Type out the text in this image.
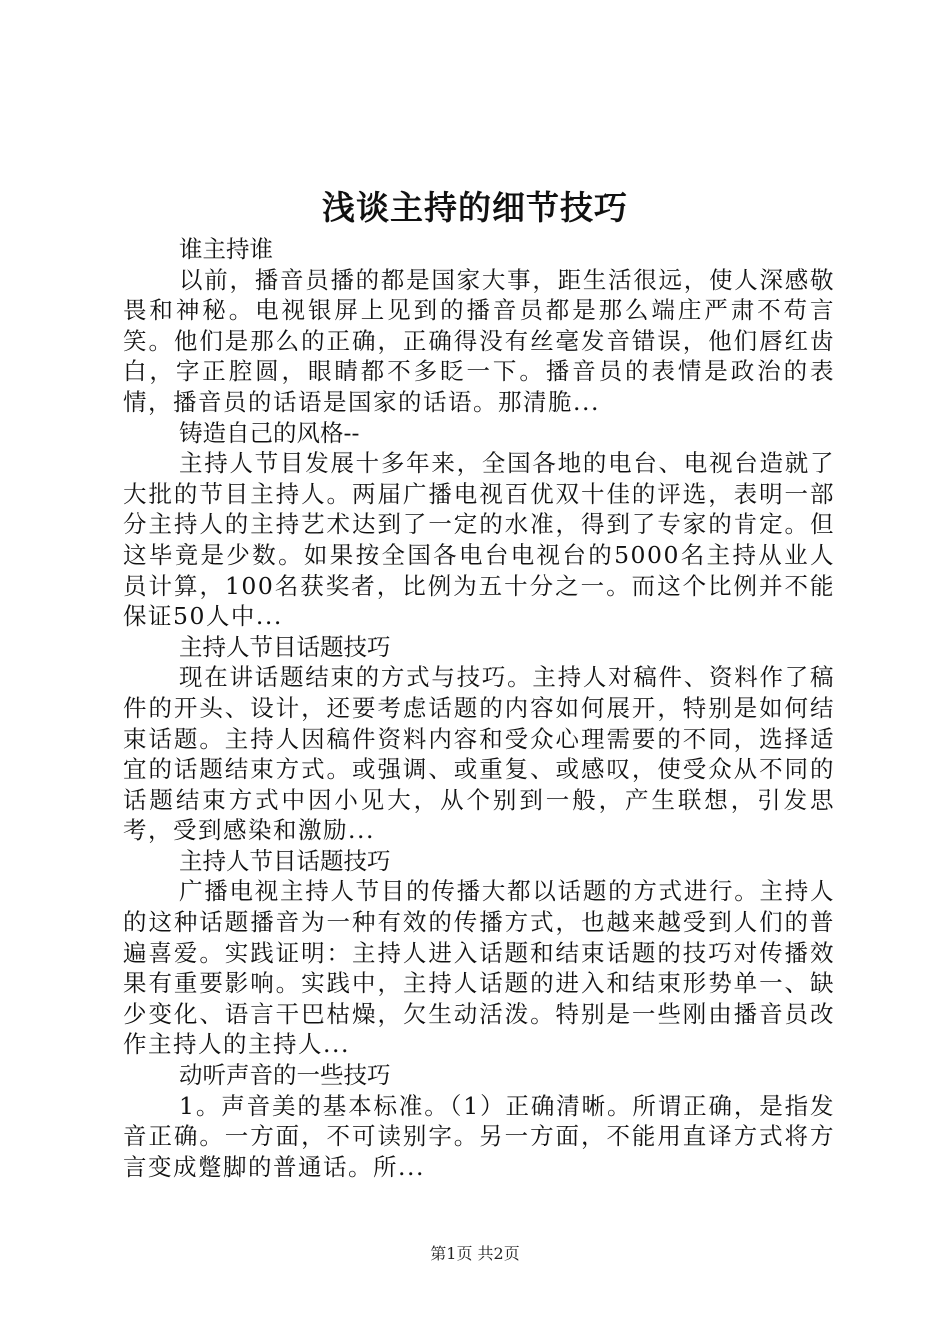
浅谈主持的细节技巧

谁主持谁

以前，播音员播的都是国家大事，距生活很远，使人深感敬畏和神秘。电视银屏上见到的播音员都是那么端庄严肃不苟言笑。他们是那么的正确，正确得没有丝毫发音错误，他们唇红齿白，字正腔圆，眼睛都不多眨一下。播音员的表情是政治的表情，播音员的话语是国家的话语。那清脆...

铸造自己的风格--

主持人节目发展十多年来，全国各地的电台、电视台造就了大批的节目主持人。两届广播电视百优双十佳的评选，表明一部分主持人的主持艺术达到了一定的水准，得到了专家的肯定。但这毕竟是少数。如果按全国各电台电视台的5000名主持从业人员计算，100名获奖者，比例为五十分之一。而这个比例并不能保证50人中...

主持人节目话题技巧

现在讲话题结束的方式与技巧。主持人对稿件、资料作了稿件的开头、设计，还要考虑话题的内容如何展开，特别是如何结束话题。主持人因稿件资料内容和受众心理需要的不同，选择适宜的话题结束方式。或强调、或重复、或感叹，使受众从不同的话题结束方式中因小见大，从个别到一般，产生联想，引发思考，受到感染和激励...

主持人节目话题技巧

广播电视主持人节目的传播大都以话题的方式进行。主持人的这种话题播音为一种有效的传播方式，也越来越受到人们的普遍喜爱。实践证明：主持人进入话题和结束话题的技巧对传播效果有重要影响。实践中，主持人话题的进入和结束形势单一、缺少变化、语言干巴枯燥，欠生动活泼。特别是一些刚由播音员改作主持人的主持人...

动听声音的一些技巧

1。声音美的基本标准。（1）正确清晰。所谓正确，是指发音正确。一方面，不可读别字。另一方面，不能用直译方式将方言变成蹩脚的普通话。所...

第1页 共2页
